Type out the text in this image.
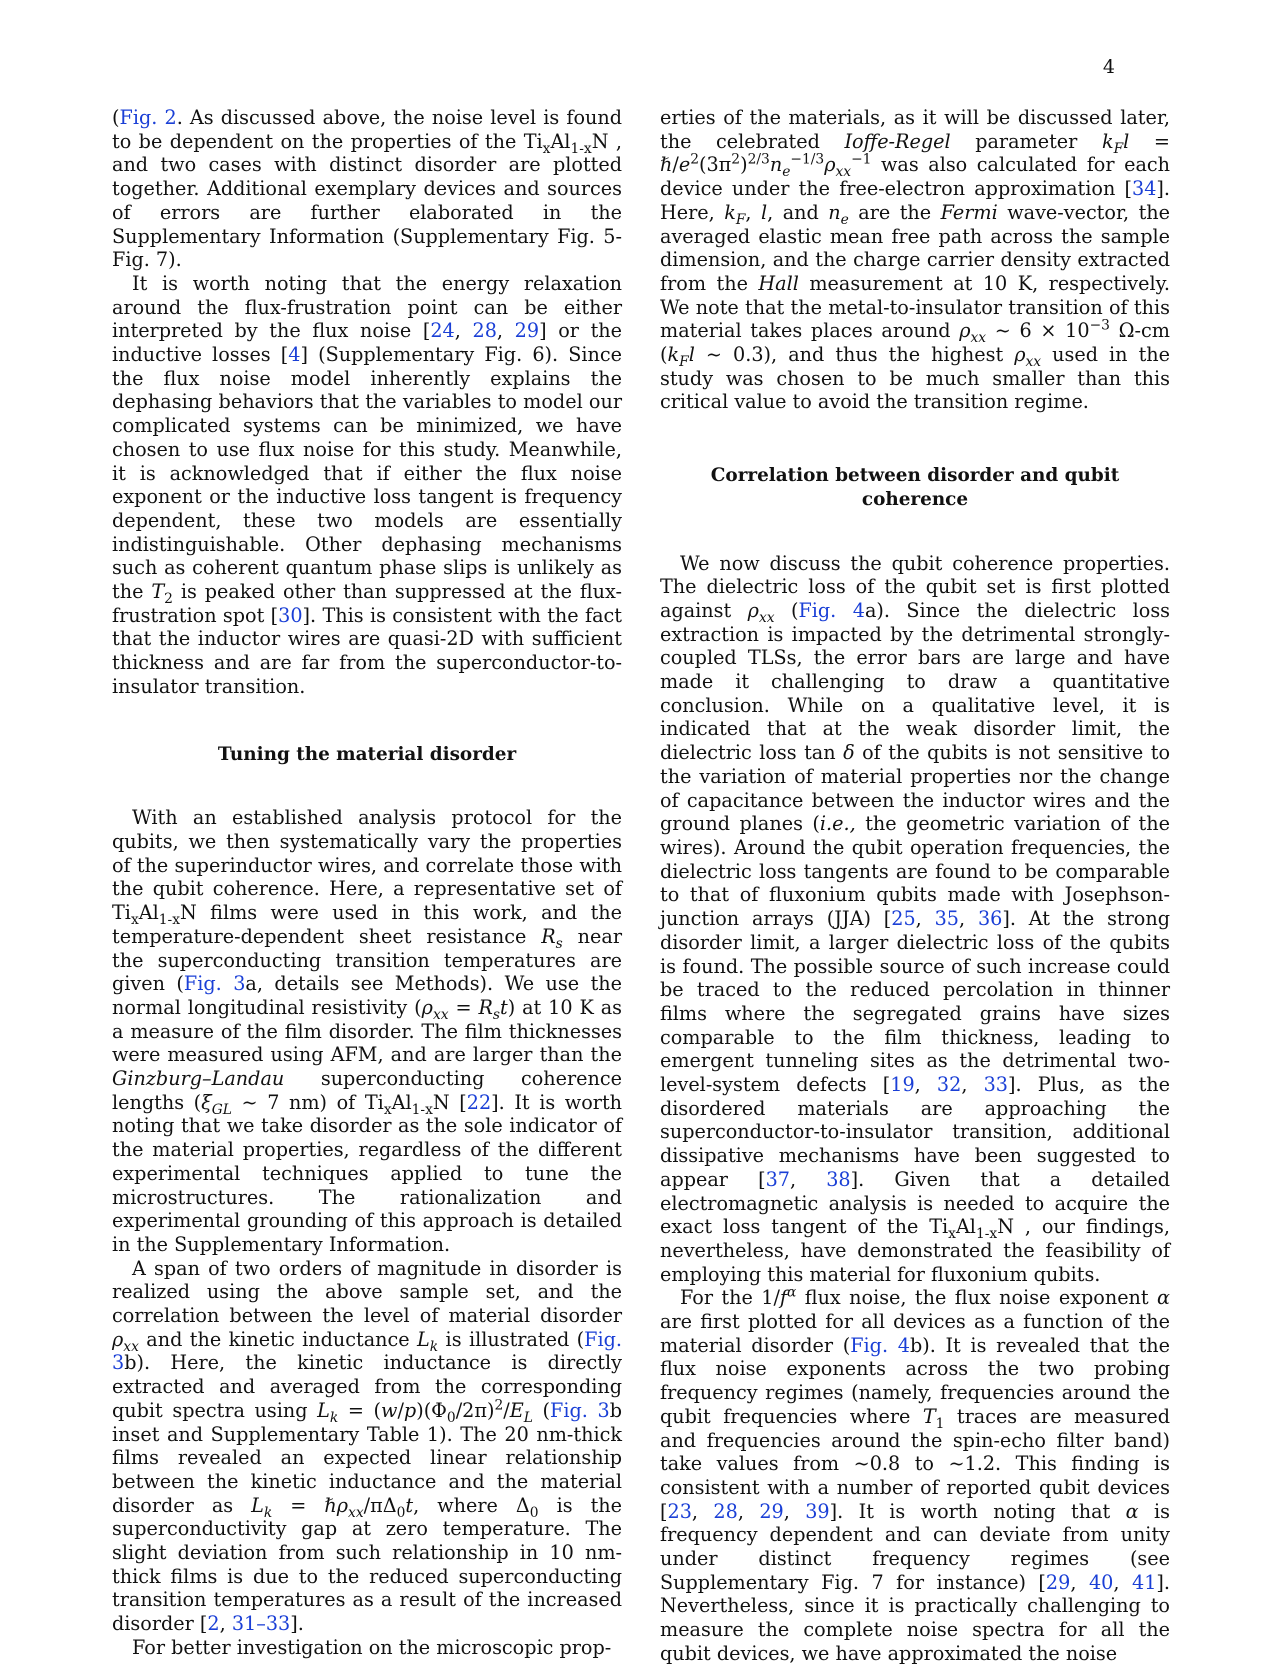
4

(Fig. 2. As discussed above, the noise level is found to be dependent on the properties of the $Ti_xAl_{1-x}N$ , and two cases with distinct disorder are plotted together. Additional exemplary devices and sources of errors are further elaborated in the Supplementary Information (Supplementary Fig. 5-Fig. 7).

It is worth noting that the energy relaxation around the flux-frustration point can be either interpreted by the flux noise [24, 28, 29] or the inductive losses [4] (Supplementary Fig. 6). Since the flux noise model inherently explains the dephasing behaviors that the variables to model our complicated systems can be minimized, we have chosen to use flux noise for this study. Meanwhile, it is acknowledged that if either the flux noise exponent or the inductive loss tangent is frequency dependent, these two models are essentially indistinguishable. Other dephasing mechanisms such as coherent quantum phase slips is unlikely as the $T_2$ is peaked other than suppressed at the flux-frustration spot [30]. This is consistent with the fact that the inductor wires are quasi-2D with sufficient thickness and are far from the superconductor-to-insulator transition.

Tuning the material disorder

With an established analysis protocol for the qubits, we then systematically vary the properties of the superinductor wires, and correlate those with the qubit coherence. Here, a representative set of $Ti_xAl_{1-x}N$ films were used in this work, and the temperature-dependent sheet resistance $R_s$ near the superconducting transition temperatures are given (Fig. 3a, details see Methods). We use the normal longitudinal resistivity $(\rho_{xx} = R_st)$ at 10 K as a measure of the film disorder. The film thicknesses were measured using AFM, and are larger than the Ginzburg–Landau superconducting coherence lengths ($\xi_{GL}$ ∼ 7 nm) of $Ti_xAl_{1-x}N$ [22]. It is worth noting that we take disorder as the sole indicator of the material properties, regardless of the different experimental techniques applied to tune the microstructures. The rationalization and experimental grounding of this approach is detailed in the Supplementary Information.

A span of two orders of magnitude in disorder is realized using the above sample set, and the correlation between the level of material disorder $\rho_{xx}$ and the kinetic inductance $L_k$ is illustrated (Fig. 3b). Here, the kinetic inductance is directly extracted and averaged from the corresponding qubit spectra using $L_k = (w/p)(\Phi_0/2\pi)^2/E_L$ (Fig. 3b inset and Supplementary Table 1). The 20 nm-thick films revealed an expected linear relationship between the kinetic inductance and the material disorder as $L_k$ = $\hbar\rho_{xx}/\pi\Delta_0t$, where $\Delta_0$ is the superconductivity gap at zero temperature. The slight deviation from such relationship in 10 nm-thick films is due to the reduced superconducting transition temperatures as a result of the increased disorder [2, 31–33].

For better investigation on the microscopic prop-

erties of the materials, as it will be discussed later, the celebrated Ioffe-Regel parameter $k_Fl$ = $\hbar/e^2(3\pi^2)^{2/3}n_e^{-1/3}\rho_{xx}^{-1}$ was also calculated for each device under the free-electron approximation [34]. Here, $k_F$, l, and $n_e$ are the Fermi wave-vector, the averaged elastic mean free path across the sample dimension, and the charge carrier density extracted from the Hall measurement at 10 K, respectively. We note that the metal-to-insulator transition of this material takes places around $\rho_{xx}$ ∼ $6 \times 10^{-3}$ Ω-cm ($k_Fl$ ∼ 0.3), and thus the highest $\rho_{xx}$ used in the study was chosen to be much smaller than this critical value to avoid the transition regime.

Correlation between disorder and qubit coherence

We now discuss the qubit coherence properties. The dielectric loss of the qubit set is first plotted against $\rho_{xx}$ (Fig. 4a). Since the dielectric loss extraction is impacted by the detrimental strongly-coupled TLSs, the error bars are large and have made it challenging to draw a quantitative conclusion. While on a qualitative level, it is indicated that at the weak disorder limit, the dielectric loss tan δ of the qubits is not sensitive to the variation of material properties nor the change of capacitance between the inductor wires and the ground planes (i.e., the geometric variation of the wires). Around the qubit operation frequencies, the dielectric loss tangents are found to be comparable to that of fluxonium qubits made with Josephson-junction arrays (JJA) [25, 35, 36]. At the strong disorder limit, a larger dielectric loss of the qubits is found. The possible source of such increase could be traced to the reduced percolation in thinner films where the segregated grains have sizes comparable to the film thickness, leading to emergent tunneling sites as the detrimental two-level-system defects [19, 32, 33]. Plus, as the disordered materials are approaching the superconductor-to-insulator transition, additional dissipative mechanisms have been suggested to appear [37, 38]. Given that a detailed electromagnetic analysis is needed to acquire the exact loss tangent of the $Ti_xAl_{1-x}N$ , our findings, nevertheless, have demonstrated the feasibility of employing this material for fluxonium qubits.

For the $1/f^\alpha$ flux noise, the flux noise exponent α are first plotted for all devices as a function of the material disorder (Fig. 4b). It is revealed that the flux noise exponents across the two probing frequency regimes (namely, frequencies around the qubit frequencies where $T_1$ traces are measured and frequencies around the spin-echo filter band) take values from ∼0.8 to ∼1.2. This finding is consistent with a number of reported qubit devices [23, 28, 29, 39]. It is worth noting that α is frequency dependent and can deviate from unity under distinct frequency regimes (see Supplementary Fig. 7 for instance) [29, 40, 41]. Nevertheless, since it is practically challenging to measure the complete noise spectra for all the qubit devices, we have approximated the noise
